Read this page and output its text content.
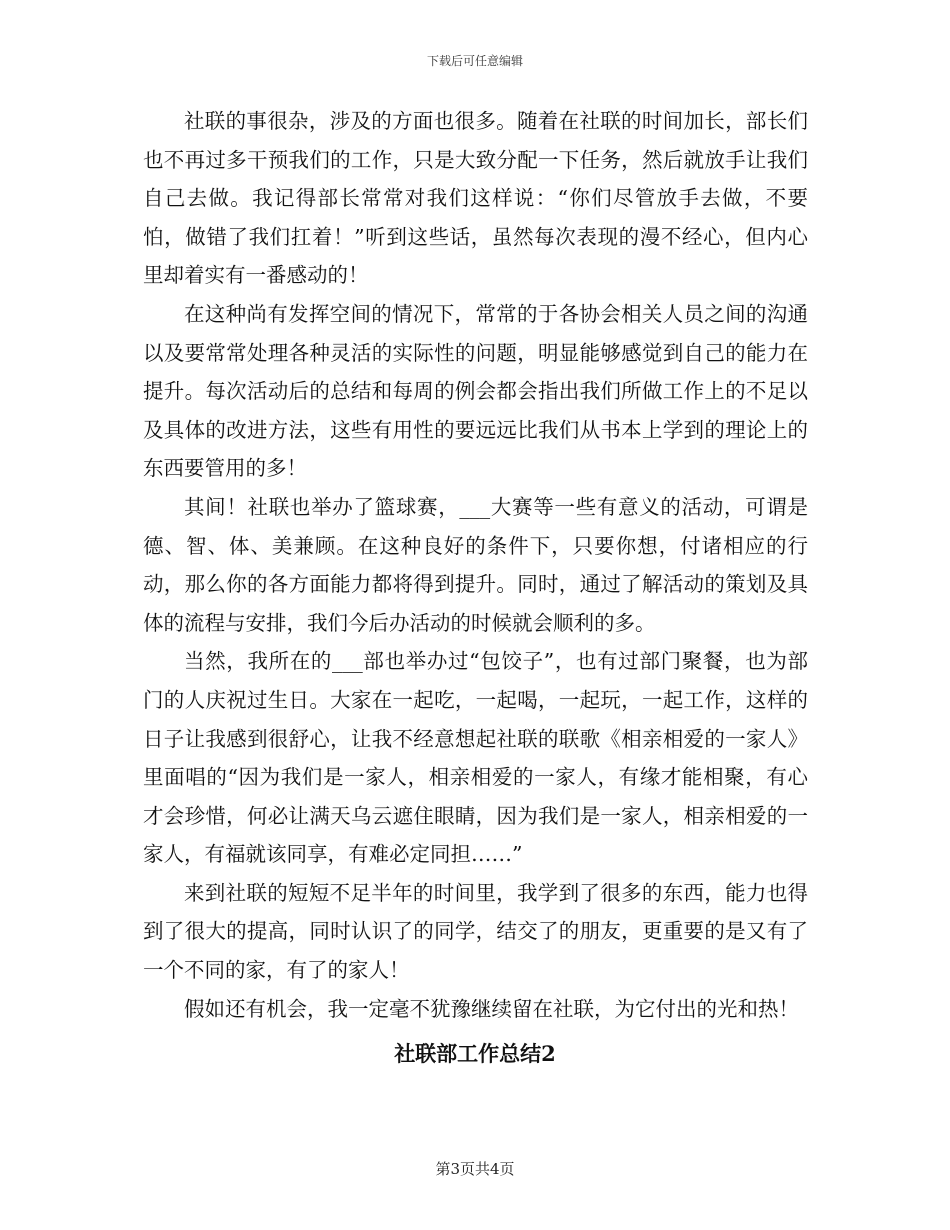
下载后可任意编辑

社联的事很杂，涉及的方面也很多。随着在社联的时间加长，部长们也不再过多干预我们的工作，只是大致分配一下任务，然后就放手让我们自己去做。我记得部长常常对我们这样说：“你们尽管放手去做，不要怕，做错了我们扛着！”听到这些话，虽然每次表现的漫不经心，但内心里却着实有一番感动的！

在这种尚有发挥空间的情况下，常常的于各协会相关人员之间的沟通以及要常常处理各种灵活的实际性的问题，明显能够感觉到自己的能力在提升。每次活动后的总结和每周的例会都会指出我们所做工作上的不足以及具体的改进方法，这些有用性的要远远比我们从书本上学到的理论上的东西要管用的多！

其间！社联也举办了篮球赛，___大赛等一些有意义的活动，可谓是德、智、体、美兼顾。在这种良好的条件下，只要你想，付诸相应的行动，那么你的各方面能力都将得到提升。同时，通过了解活动的策划及具体的流程与安排，我们今后办活动的时候就会顺利的多。

当然，我所在的___部也举办过“包饺子”，也有过部门聚餐，也为部门的人庆祝过生日。大家在一起吃，一起喝，一起玩，一起工作，这样的日子让我感到很舒心，让我不经意想起社联的联歌《相亲相爱的一家人》里面唱的“因为我们是一家人，相亲相爱的一家人，有缘才能相聚，有心才会珍惜，何必让满天乌云遮住眼睛，因为我们是一家人，相亲相爱的一家人，有福就该同享，有难必定同担……”

来到社联的短短不足半年的时间里，我学到了很多的东西，能力也得到了很大的提高，同时认识了的同学，结交了的朋友，更重要的是又有了一个不同的家，有了的家人！

假如还有机会，我一定毫不犹豫继续留在社联，为它付出的光和热！

社联部工作总结2
第3页共4页
